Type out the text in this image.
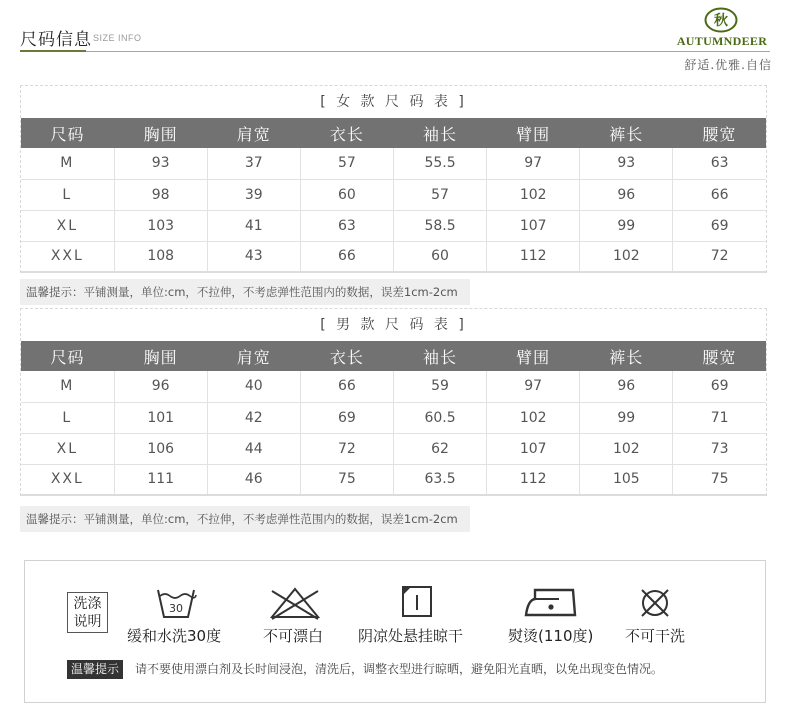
尺码信息 SIZE INFO
秋
AUTUMNDEER
舒适.优雅.自信
[ 女 款 尺 码 表 ]
尺码	胸围	肩宽	衣长	袖长	臂围	裤长	腰宽
M	93	37	57	55.5	97	93	63
L	98	39	60	57	102	96	66
XL	103	41	63	58.5	107	99	69
XXL	108	43	66	60	112	102	72
温馨提示：平铺测量，单位:cm，不拉伸，不考虑弹性范围内的数据，误差1cm-2cm
[ 男 款 尺 码 表 ]
尺码	胸围	肩宽	衣长	袖长	臂围	裤长	腰宽
M	96	40	66	59	97	96	69
L	101	42	69	60.5	102	99	71
XL	106	44	72	62	107	102	73
XXL	111	46	75	63.5	112	105	75
温馨提示：平铺测量，单位:cm，不拉伸，不考虑弹性范围内的数据，误差1cm-2cm
洗涤
说明
30
缓和水洗30度	不可漂白 阴凉处悬挂晾干	熨烫(110度) 不可干洗
温馨提示	请不要使用漂白剂及长时间浸泡，清洗后，调整衣型进行晾晒，避免阳光直晒，以免出现变色情况。
